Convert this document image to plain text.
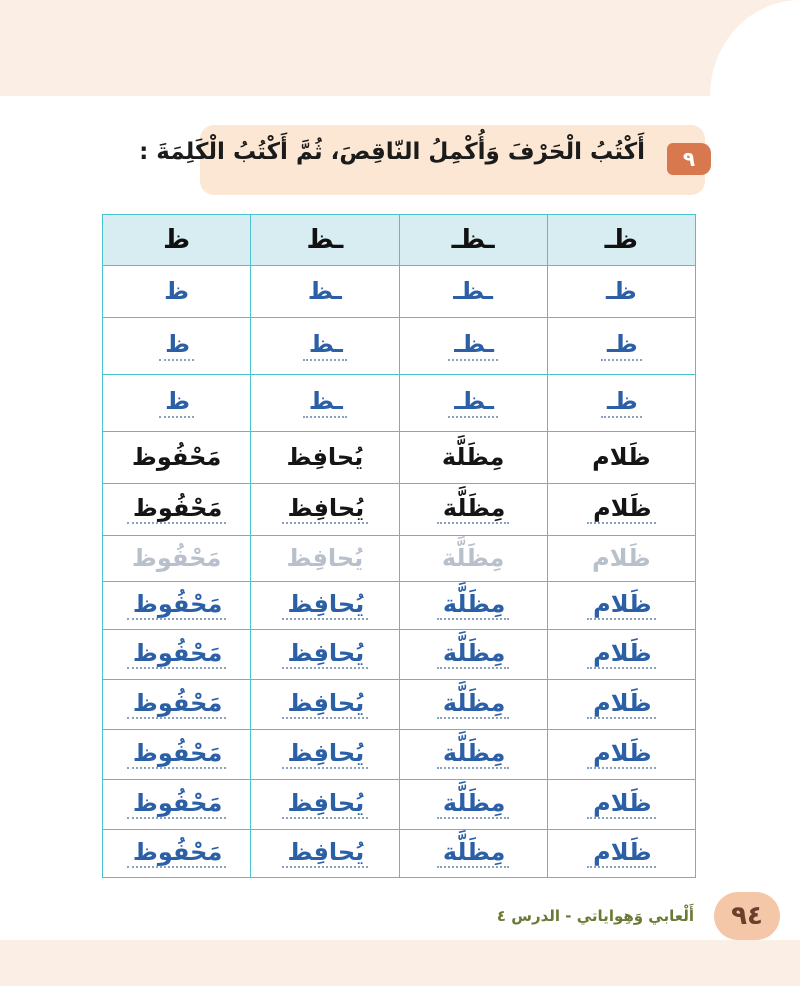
أَكْتُبُ الْحَرْفَ وَأُكْمِلُ النّاقِصَ، ثُمَّ أَكْتُبُ الْكَلِمَةَ :	٩
ظـ	ـظـ	ـظ	ظ
ظـ	ـظـ	ـظ	ظ
ظـ	ـظـ	ـظ	ظ
ظـ	ـظـ	ـظ	ظ
ظَلام	مِظَلَّة	يُحافِظ	مَحْفُوظ
ظَلام	مِظَلَّة	يُحافِظ	مَحْفُوظ
ظَلام	مِظَلَّة	يُحافِظ	مَحْفُوظ
ظَلام	مِظَلَّة	يُحافِظ	مَحْفُوظ
ظَلام	مِظَلَّة	يُحافِظ	مَحْفُوظ
ظَلام	مِظَلَّة	يُحافِظ	مَحْفُوظ
ظَلام	مِظَلَّة	يُحافِظ	مَحْفُوظ
ظَلام	مِظَلَّة	يُحافِظ	مَحْفُوظ
ظَلام	مِظَلَّة	يُحافِظ	مَحْفُوظ
٩٤
أَلْعابي وَهِواياتي - الدرس ٤
